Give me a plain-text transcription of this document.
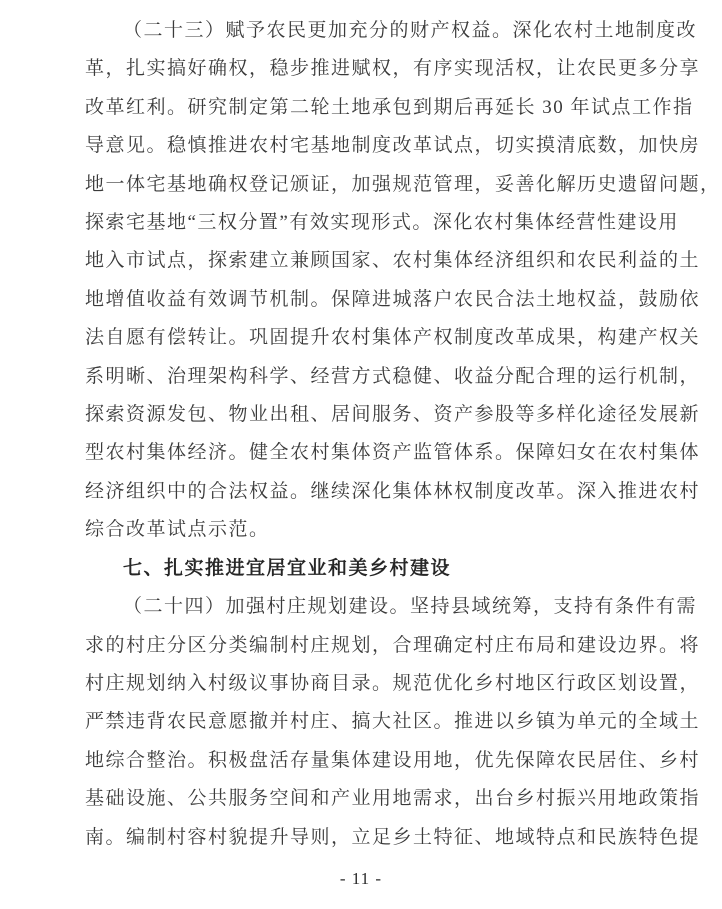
（二十三）赋予农民更加充分的财产权益。深化农村土地制度改

革，扎实搞好确权，稳步推进赋权，有序实现活权，让农民更多分享

改革红利。研究制定第二轮土地承包到期后再延长 30 年试点工作指

导意见。稳慎推进农村宅基地制度改革试点，切实摸清底数，加快房

地一体宅基地确权登记颁证，加强规范管理，妥善化解历史遗留问题，

探索宅基地“三权分置”有效实现形式。深化农村集体经营性建设用

地入市试点，探索建立兼顾国家、农村集体经济组织和农民利益的土

地增值收益有效调节机制。保障进城落户农民合法土地权益，鼓励依

法自愿有偿转让。巩固提升农村集体产权制度改革成果，构建产权关

系明晰、治理架构科学、经营方式稳健、收益分配合理的运行机制，

探索资源发包、物业出租、居间服务、资产参股等多样化途径发展新

型农村集体经济。健全农村集体资产监管体系。保障妇女在农村集体

经济组织中的合法权益。继续深化集体林权制度改革。深入推进农村

综合改革试点示范。

七、扎实推进宜居宜业和美乡村建设

（二十四）加强村庄规划建设。坚持县域统筹，支持有条件有需

求的村庄分区分类编制村庄规划，合理确定村庄布局和建设边界。将

村庄规划纳入村级议事协商目录。规范优化乡村地区行政区划设置，

严禁违背农民意愿撤并村庄、搞大社区。推进以乡镇为单元的全域土

地综合整治。积极盘活存量集体建设用地，优先保障农民居住、乡村

基础设施、公共服务空间和产业用地需求，出台乡村振兴用地政策指

南。编制村容村貌提升导则，立足乡土特征、地域特点和民族特色提

- 11 -
